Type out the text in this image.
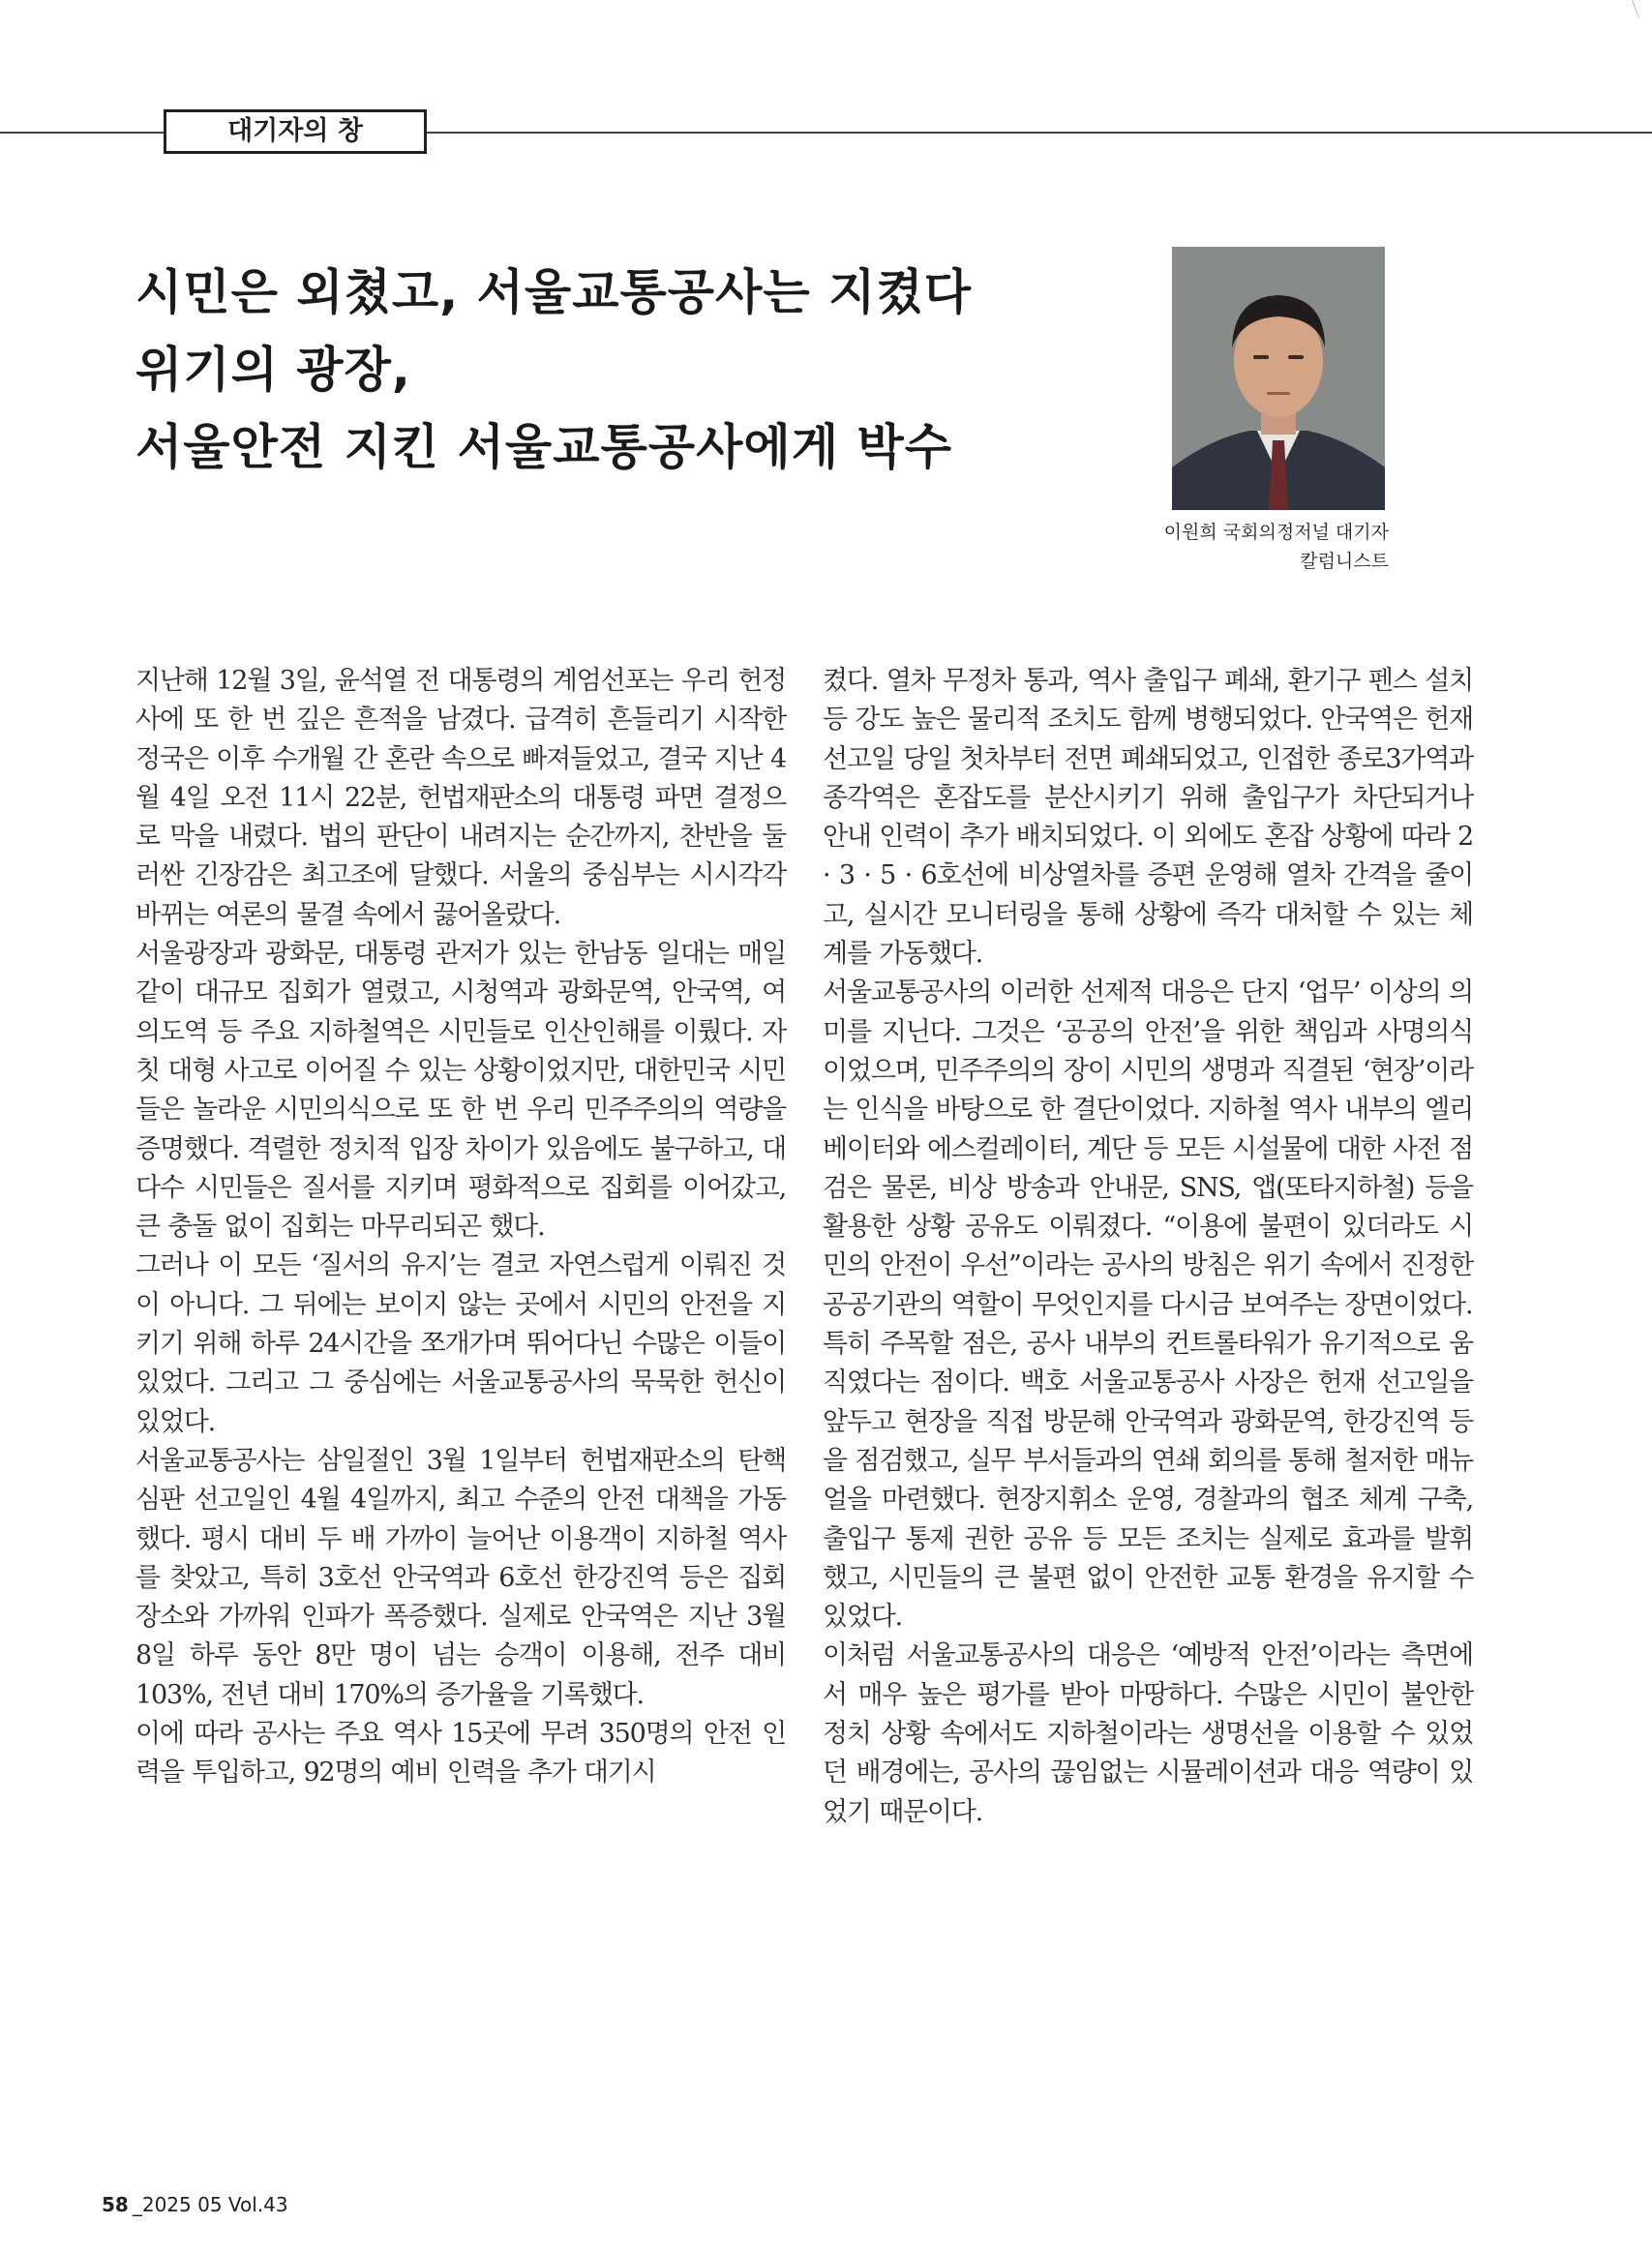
대기자의 창
시민은 외쳤고, 서울교통공사는 지켰다
위기의 광장,
서울안전 지킨 서울교통공사에게 박수
이원희 국회의정저널 대기자
칼럼니스트

지난해 12월 3일, 윤석열 전 대통령의 계엄선포는 우리 헌정사에 또 한 번 깊은 흔적을 남겼다. 급격히 흔들리기 시작한 정국은 이후 수개월 간 혼란 속으로 빠져들었고, 결국 지난 4월 4일 오전 11시 22분, 헌법재판소의 대통령 파면 결정으로 막을 내렸다. 법의 판단이 내려지는 순간까지, 찬반을 둘러싼 긴장감은 최고조에 달했다. 서울의 중심부는 시시각각 바뀌는 여론의 물결 속에서 끓어올랐다.

서울광장과 광화문, 대통령 관저가 있는 한남동 일대는 매일같이 대규모 집회가 열렸고, 시청역과 광화문역, 안국역, 여의도역 등 주요 지하철역은 시민들로 인산인해를 이뤘다. 자칫 대형 사고로 이어질 수 있는 상황이었지만, 대한민국 시민들은 놀라운 시민의식으로 또 한 번 우리 민주주의의 역량을 증명했다. 격렬한 정치적 입장 차이가 있음에도 불구하고, 대다수 시민들은 질서를 지키며 평화적으로 집회를 이어갔고, 큰 충돌 없이 집회는 마무리되곤 했다.

그러나 이 모든 ‘질서의 유지’는 결코 자연스럽게 이뤄진 것이 아니다. 그 뒤에는 보이지 않는 곳에서 시민의 안전을 지키기 위해 하루 24시간을 쪼개가며 뛰어다닌 수많은 이들이 있었다. 그리고 그 중심에는 서울교통공사의 묵묵한 헌신이 있었다.

서울교통공사는 삼일절인 3월 1일부터 헌법재판소의 탄핵 심판 선고일인 4월 4일까지, 최고 수준의 안전 대책을 가동했다. 평시 대비 두 배 가까이 늘어난 이용객이 지하철 역사를 찾았고, 특히 3호선 안국역과 6호선 한강진역 등은 집회 장소와 가까워 인파가 폭증했다. 실제로 안국역은 지난 3월 8일 하루 동안 8만 명이 넘는 승객이 이용해, 전주 대비 103%, 전년 대비 170%의 증가율을 기록했다.

이에 따라 공사는 주요 역사 15곳에 무려 350명의 안전 인력을 투입하고, 92명의 예비 인력을 추가 대기시

켰다. 열차 무정차 통과, 역사 출입구 폐쇄, 환기구 펜스 설치 등 강도 높은 물리적 조치도 함께 병행되었다. 안국역은 헌재 선고일 당일 첫차부터 전면 폐쇄되었고, 인접한 종로3가역과 종각역은 혼잡도를 분산시키기 위해 출입구가 차단되거나 안내 인력이 추가 배치되었다. 이 외에도 혼잡 상황에 따라 2 · 3 · 5 · 6호선에 비상열차를 증편 운영해 열차 간격을 줄이고, 실시간 모니터링을 통해 상황에 즉각 대처할 수 있는 체계를 가동했다.

서울교통공사의 이러한 선제적 대응은 단지 ‘업무’ 이상의 의미를 지닌다. 그것은 ‘공공의 안전’을 위한 책임과 사명의식이었으며, 민주주의의 장이 시민의 생명과 직결된 ‘현장’이라는 인식을 바탕으로 한 결단이었다. 지하철 역사 내부의 엘리베이터와 에스컬레이터, 계단 등 모든 시설물에 대한 사전 점검은 물론, 비상 방송과 안내문, SNS, 앱(또타지하철) 등을 활용한 상황 공유도 이뤄졌다. “이용에 불편이 있더라도 시민의 안전이 우선”이라는 공사의 방침은 위기 속에서 진정한 공공기관의 역할이 무엇인지를 다시금 보여주는 장면이었다.

특히 주목할 점은, 공사 내부의 컨트롤타워가 유기적으로 움직였다는 점이다. 백호 서울교통공사 사장은 헌재 선고일을 앞두고 현장을 직접 방문해 안국역과 광화문역, 한강진역 등을 점검했고, 실무 부서들과의 연쇄 회의를 통해 철저한 매뉴얼을 마련했다. 현장지휘소 운영, 경찰과의 협조 체계 구축, 출입구 통제 권한 공유 등 모든 조치는 실제로 효과를 발휘했고, 시민들의 큰 불편 없이 안전한 교통 환경을 유지할 수 있었다.

이처럼 서울교통공사의 대응은 ‘예방적 안전’이라는 측면에서 매우 높은 평가를 받아 마땅하다. 수많은 시민이 불안한 정치 상황 속에서도 지하철이라는 생명선을 이용할 수 있었던 배경에는, 공사의 끊임없는 시뮬레이션과 대응 역량이 있었기 때문이다.

58 _2025 05 Vol.43
